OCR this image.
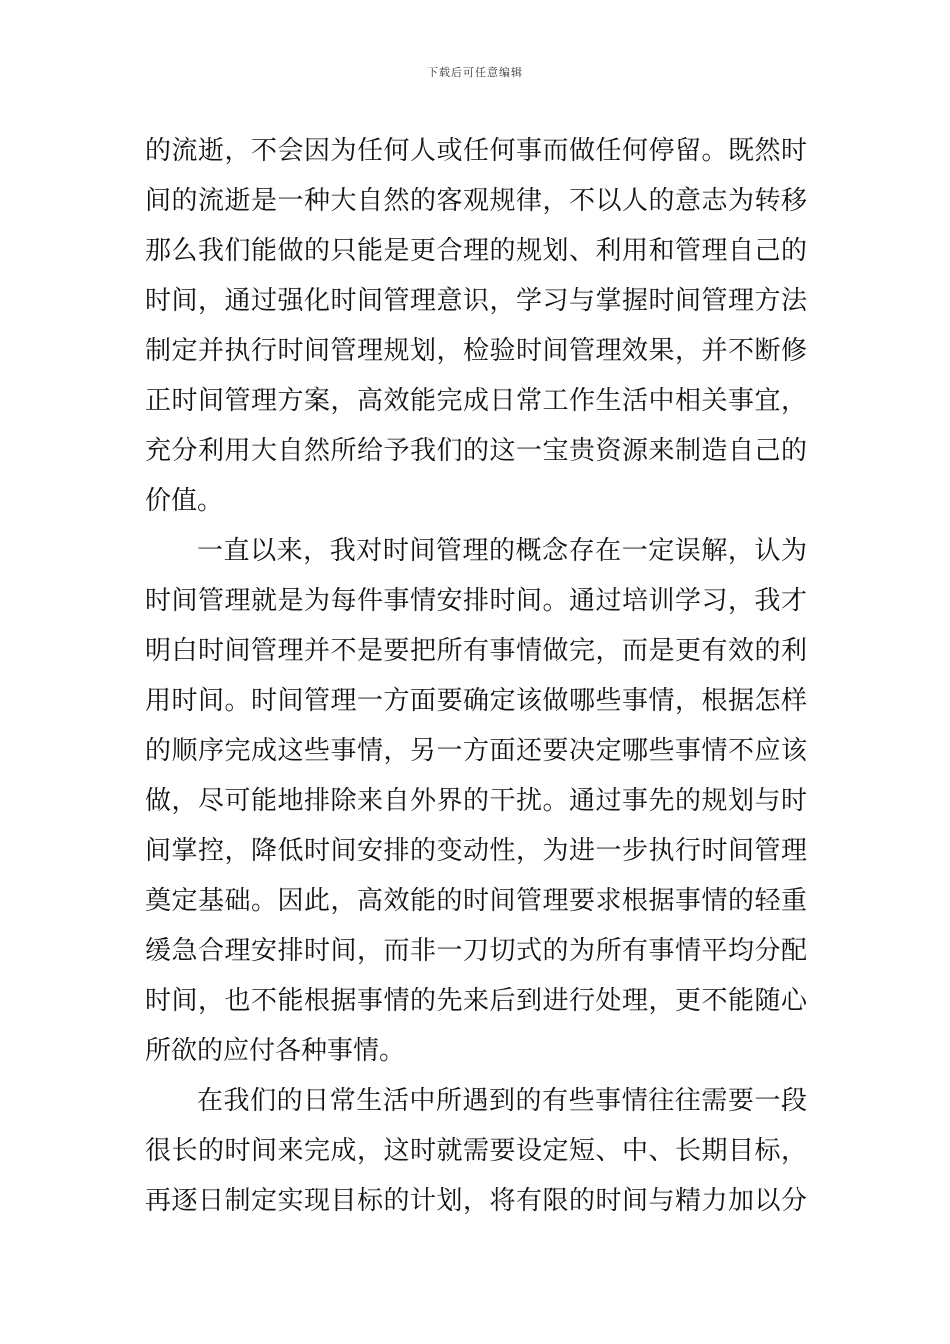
下载后可任意编辑
的流逝，不会因为任何人或任何事而做任何停留。既然时
间的流逝是一种大自然的客观规律，不以人的意志为转移
那么我们能做的只能是更合理的规划、利用和管理自己的
时间，通过强化时间管理意识，学习与掌握时间管理方法
制定并执行时间管理规划，检验时间管理效果，并不断修
正时间管理方案，高效能完成日常工作生活中相关事宜，
充分利用大自然所给予我们的这一宝贵资源来制造自己的
价值。
一直以来，我对时间管理的概念存在一定误解，认为
时间管理就是为每件事情安排时间。通过培训学习，我才
明白时间管理并不是要把所有事情做完，而是更有效的利
用时间。时间管理一方面要确定该做哪些事情，根据怎样
的顺序完成这些事情，另一方面还要决定哪些事情不应该
做，尽可能地排除来自外界的干扰。通过事先的规划与时
间掌控，降低时间安排的变动性，为进一步执行时间管理
奠定基础。因此，高效能的时间管理要求根据事情的轻重
缓急合理安排时间，而非一刀切式的为所有事情平均分配
时间，也不能根据事情的先来后到进行处理，更不能随心
所欲的应付各种事情。
在我们的日常生活中所遇到的有些事情往往需要一段
很长的时间来完成，这时就需要设定短、中、长期目标，
再逐日制定实现目标的计划，将有限的时间与精力加以分
